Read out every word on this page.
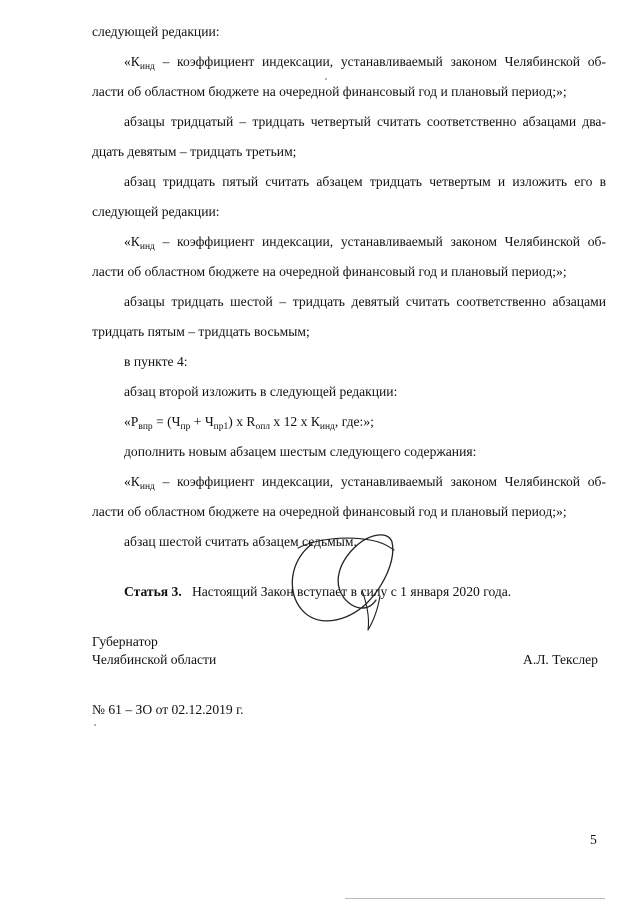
следующей редакции:
«$К_{инд}$ – коэффициент индексации, устанавливаемый законом Челябинской об-
ласти об областном бюджете на очередной финансовый год и плановый период;»;
абзацы тридцатый – тридцать четвертый считать соответственно абзацами два-
дцать девятым – тридцать третьим;
абзац тридцать пятый считать абзацем тридцать четвертым и изложить его в
следующей редакции:
«$К_{инд}$ – коэффициент индексации, устанавливаемый законом Челябинской об-
ласти об областном бюджете на очередной финансовый год и плановый период;»;
абзацы тридцать шестой – тридцать девятый считать соответственно абзацами
тридцать пятым – тридцать восьмым;
в пункте 4:
абзац второй изложить в следующей редакции:
«$Р_{впр} = (Ч_{пр} + Ч_{пр1})$ х $R_{опл}$ х 12 х $К_{инд}$, где:»;
дополнить новым абзацем шестым следующего содержания:
«$К_{инд}$ – коэффициент индексации, устанавливаемый законом Челябинской об-
ласти об областном бюджете на очередной финансовый год и плановый период;»;
абзац шестой считать абзацем седьмым.
Статья 3. Настоящий Закон вступает в силу с 1 января 2020 года.
Губернатор
Челябинской области	А.Л. Текслер
№ 61 – ЗО от 02.12.2019 г.
5
